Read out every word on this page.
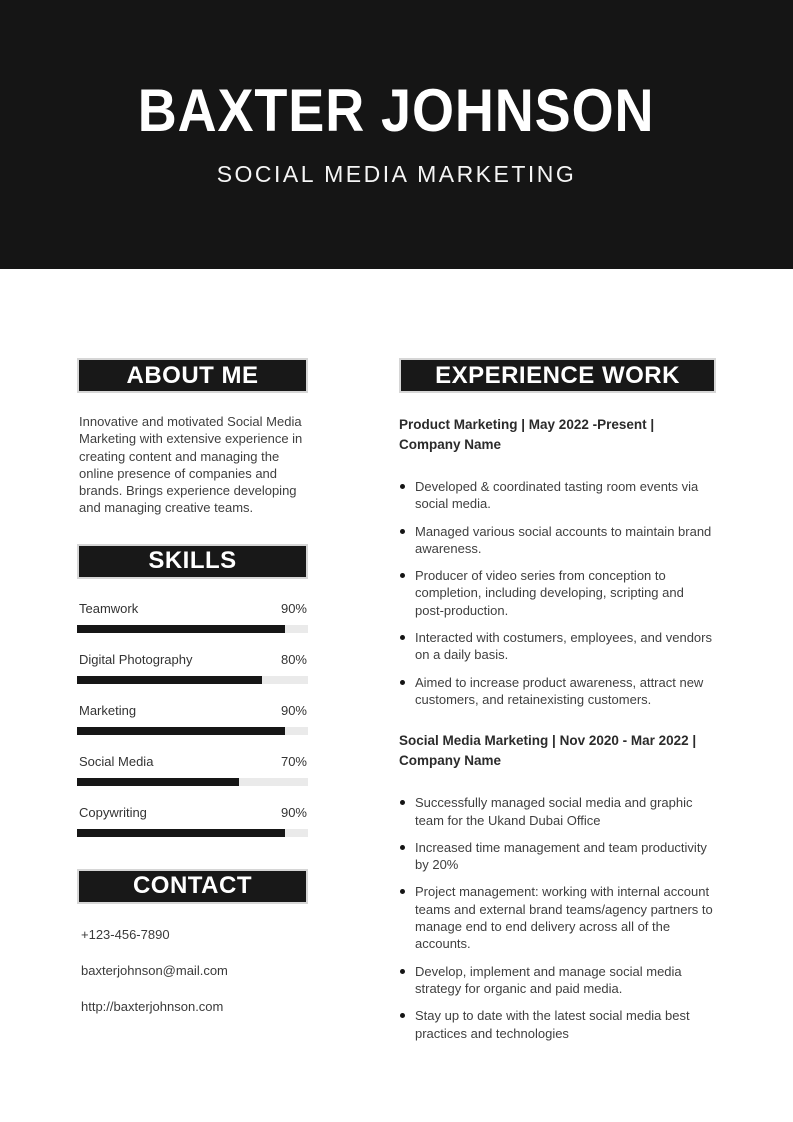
BAXTER JOHNSON
SOCIAL MEDIA MARKETING
ABOUT ME

Innovative and motivated Social Media Marketing with extensive experience in creating content and managing the online presence of companies and brands. Brings experience developing and managing creative teams.

SKILLS
Teamwork	90%
Digital Photography	80%
Marketing	90%
Social Media	70%
Copywriting	90%
CONTACT
+123-456-7890
baxterjohnson@mail.com
http://baxterjohnson.com
EXPERIENCE WORK
Product Marketing | May 2022 -Present |
Company Name
Developed & coordinated tasting room events via social media.
Managed various social accounts to maintain brand awareness.
Producer of video series from conception to completion, including developing, scripting and post-production.
Interacted with costumers, employees, and vendors on a daily basis.
Aimed to increase product awareness, attract new customers, and retainexisting customers.
Social Media Marketing | Nov 2020 - Mar 2022 |
Company Name
Successfully managed social media and graphic team for the Ukand Dubai Office
Increased time management and team productivity by 20%
Project management: working with internal account teams and external brand teams/agency partners to manage end to end delivery across all of the accounts.
Develop, implement and manage social media strategy for organic and paid media.
Stay up to date with the latest social media best practices and technologies
